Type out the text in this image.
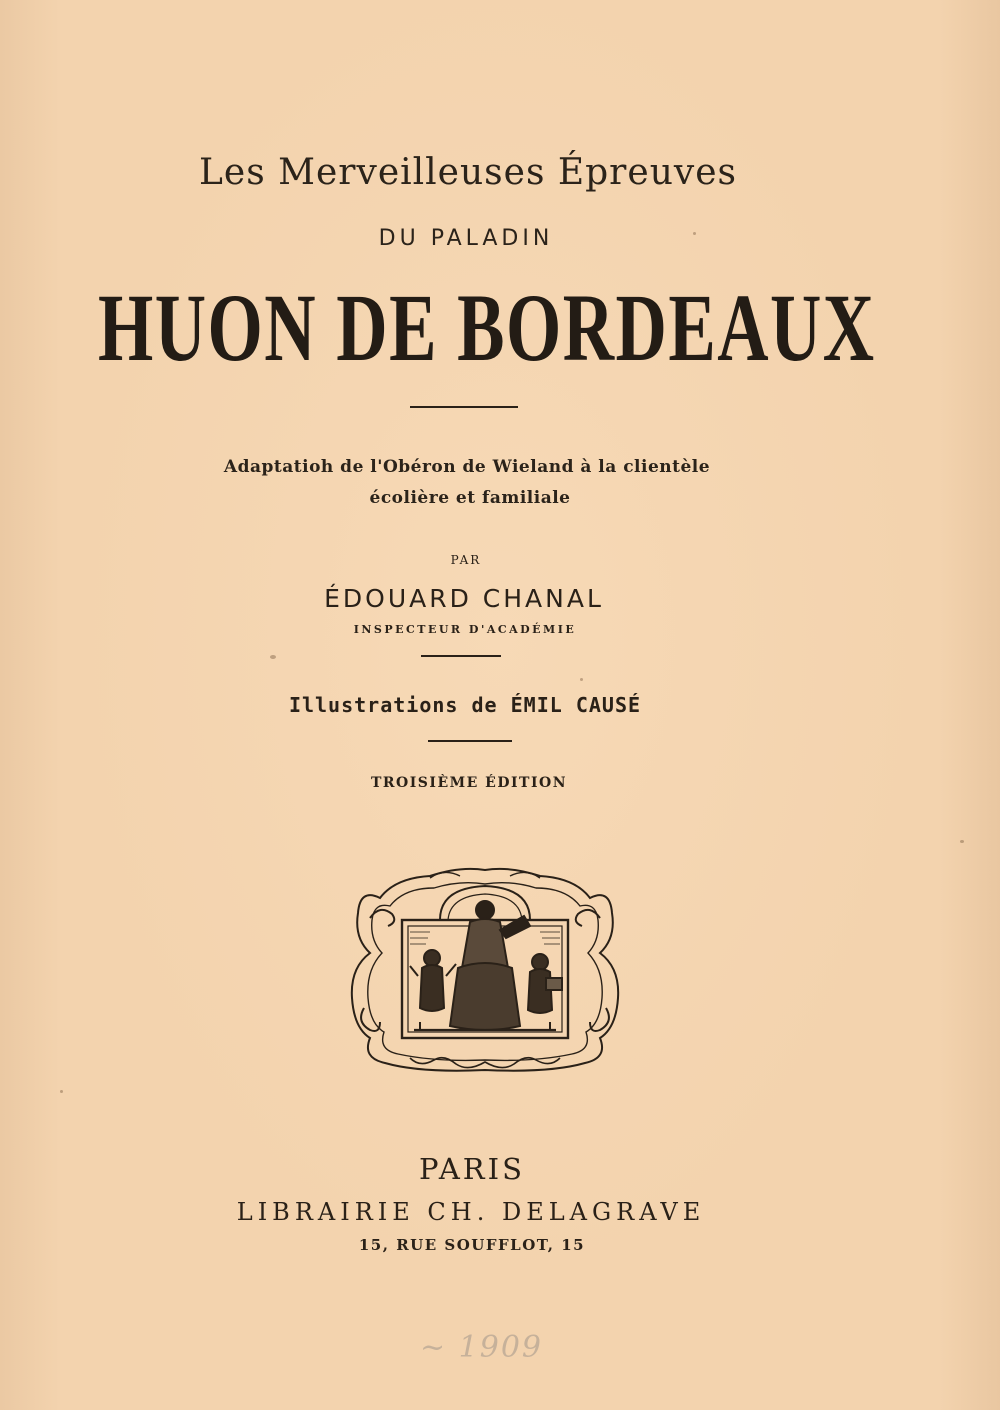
Les Merveilleuses Épreuves
DU PALADIN
HUON DE BORDEAUX
Adaptatioh de l'Obéron de Wieland à la clientèle
écolière et familiale
PAR
ÉDOUARD CHANAL
INSPECTEUR D'ACADÉMIE
Illustrations de ÉMIL CAUSÉ
TROISIÈME ÉDITION
PARIS
LIBRAIRIE CH. DELAGRAVE
15, RUE SOUFFLOT, 15
~ 1909
